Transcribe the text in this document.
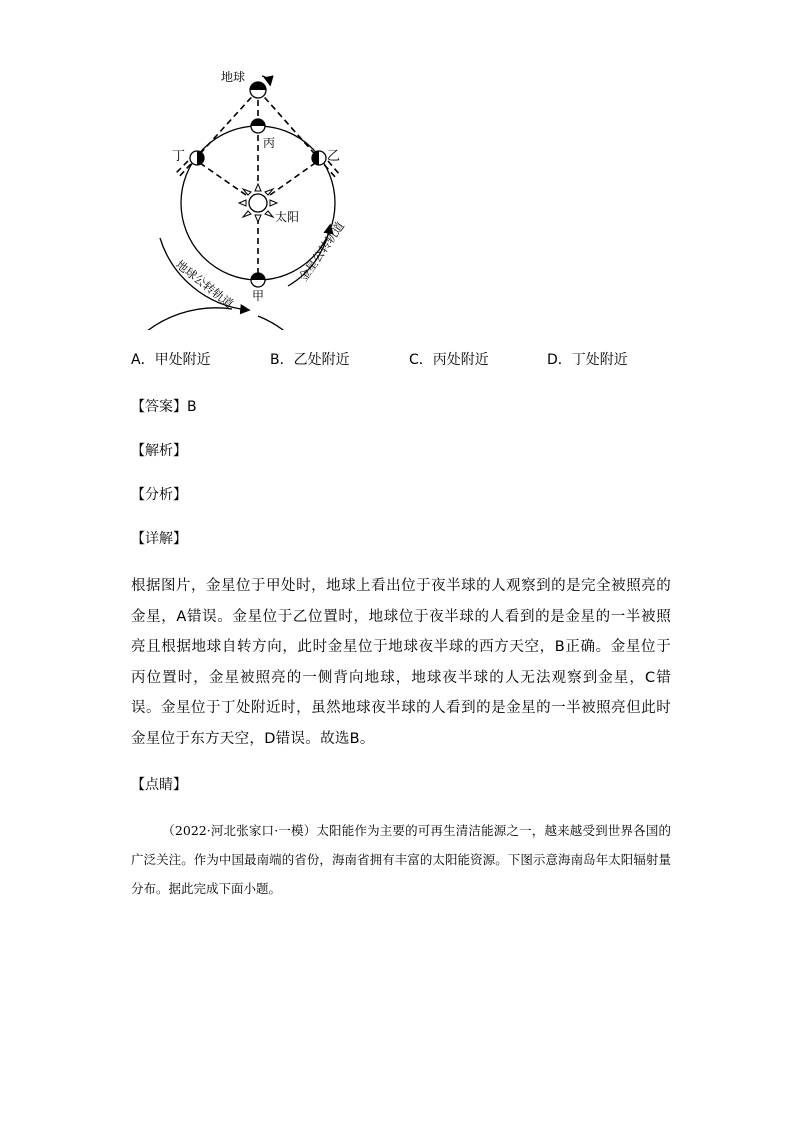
地球
丙
丁	乙
太阳
甲
地球公转轨道
金星公转轨道
A．甲处附近	B．乙处附近	C．丙处附近	D．丁处附近
【答案】B
【解析】
【分析】
【详解】
根据图片，金星位于甲处时，地球上看出位于夜半球的人观察到的是完全被照亮的金星，A错误。金星位于乙位置时，地球位于夜半球的人看到的是金星的一半被照亮且根据地球自转方向，此时金星位于地球夜半球的西方天空，B正确。金星位于丙位置时，金星被照亮的一侧背向地球，地球夜半球的人无法观察到金星，C错误。金星位于丁处附近时，虽然地球夜半球的人看到的是金星的一半被照亮但此时金星位于东方天空，D错误。故选B。
【点睛】
（2022·河北张家口·一模）太阳能作为主要的可再生清洁能源之一，越来越受到世界各国的广泛关注。作为中国最南端的省份，海南省拥有丰富的太阳能资源。下图示意海南岛年太阳辐射量分布。据此完成下面小题。
